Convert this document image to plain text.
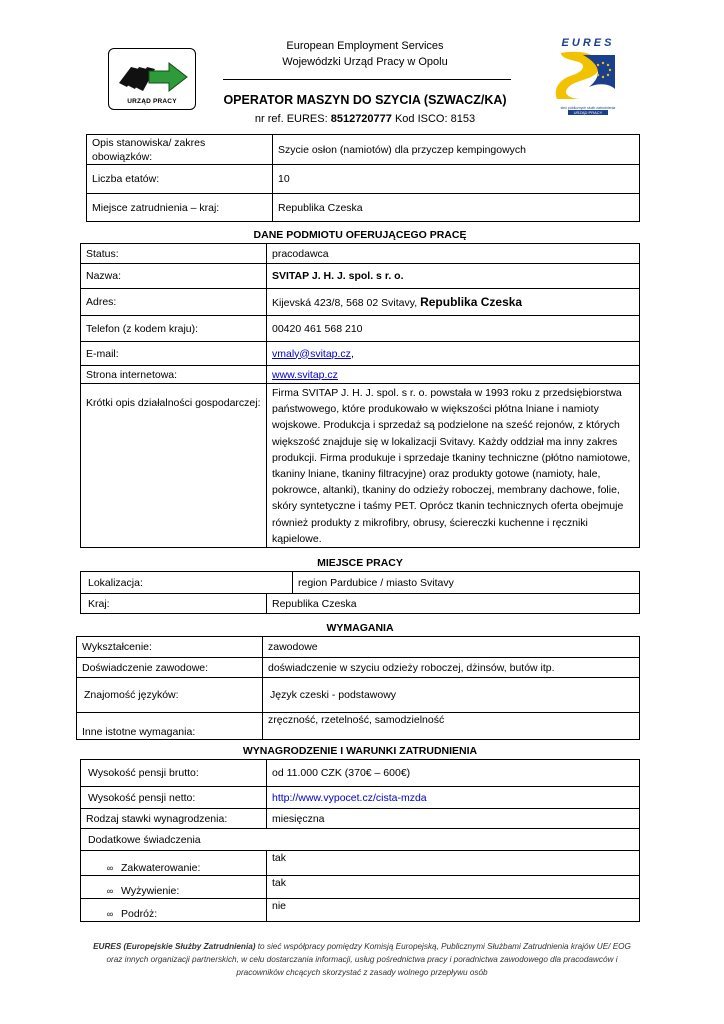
URZĄD PRACY
European Employment Services
Wojewódzki Urząd Pracy w Opolu
OPERATOR MASZYN DO SZYCIA (SZWACZ/KA)
nr ref. EURES: 8512720777 Kod ISCO: 8153
EURES
sieć publicznych służb zatrudnienia
URZĄD PRACY
Opis stanowiska/ zakres obowiązków:	Szycie osłon (namiotów) dla przyczep kempingowych
Liczba etatów:	10
Miejsce zatrudnienia – kraj:	Republika Czeska
DANE PODMIOTU OFERUJĄCEGO PRACĘ
Status:	pracodawca
Nazwa:	SVITAP J. H. J. spol. s r. o.
Adres:	Kijevská 423/8, 568 02 Svitavy, Republika Czeska
Telefon (z kodem kraju):	00420 461 568 210
E-mail:	vmaly@svitap.cz,
Strona internetowa:	www.svitap.cz
Krótki opis działalności gospodarczej:	Firma SVITAP J. H. J. spol. s r. o. powstała w 1993 roku z przedsiębiorstwa państwowego, które produkowało w większości płótna lniane i namioty wojskowe. Produkcja i sprzedaż są podzielone na sześć rejonów, z których większość znajduje się w lokalizacji Svitavy. Każdy oddział ma inny zakres produkcji. Firma produkuje i sprzedaje tkaniny techniczne (płótno namiotowe, tkaniny lniane, tkaniny filtracyjne) oraz produkty gotowe (namioty, hale, pokrowce, altanki), tkaniny do odzieży roboczej, membrany dachowe, folie, skóry syntetyczne i taśmy PET. Oprócz tkanin technicznych oferta obejmuje również produkty z mikrofibry, obrusy, ściereczki kuchenne i ręczniki kąpielowe.
MIEJSCE PRACY
Lokalizacja:		region Pardubice / miasto Svitavy
Kraj:	Republika Czeska	
WYMAGANIA
Wykształcenie:	zawodowe
Doświadczenie zawodowe:	doświadczenie w szyciu odzieży roboczej, dżinsów, butów itp.
Znajomość języków:	Język czeski - podstawowy
Inne istotne wymagania:	zręczność, rzetelność, samodzielność
WYNAGRODZENIE I WARUNKI ZATRUDNIENIA
Wysokość pensji brutto:	od 11.000 CZK (370€ – 600€)
Wysokość pensji netto:	http://www.vypocet.cz/cista-mzda
Rodzaj stawki wynagrodzenia:	miesięczna
Dodatkowe świadczenia	
∞ Zakwaterowanie:	tak
∞ Wyżywienie:	tak
∞ Podróż:	nie
EURES (Europejskie Służby Zatrudnienia) to sieć współpracy pomiędzy Komisją Europejską, Publicznymi Służbami Zatrudnienia krajów UE/ EOG
oraz innych organizacji partnerskich, w celu dostarczania informacji, usług pośrednictwa pracy i poradnictwa zawodowego dla pracodawców i
pracowników chcących skorzystać z zasady wolnego przepływu osób
